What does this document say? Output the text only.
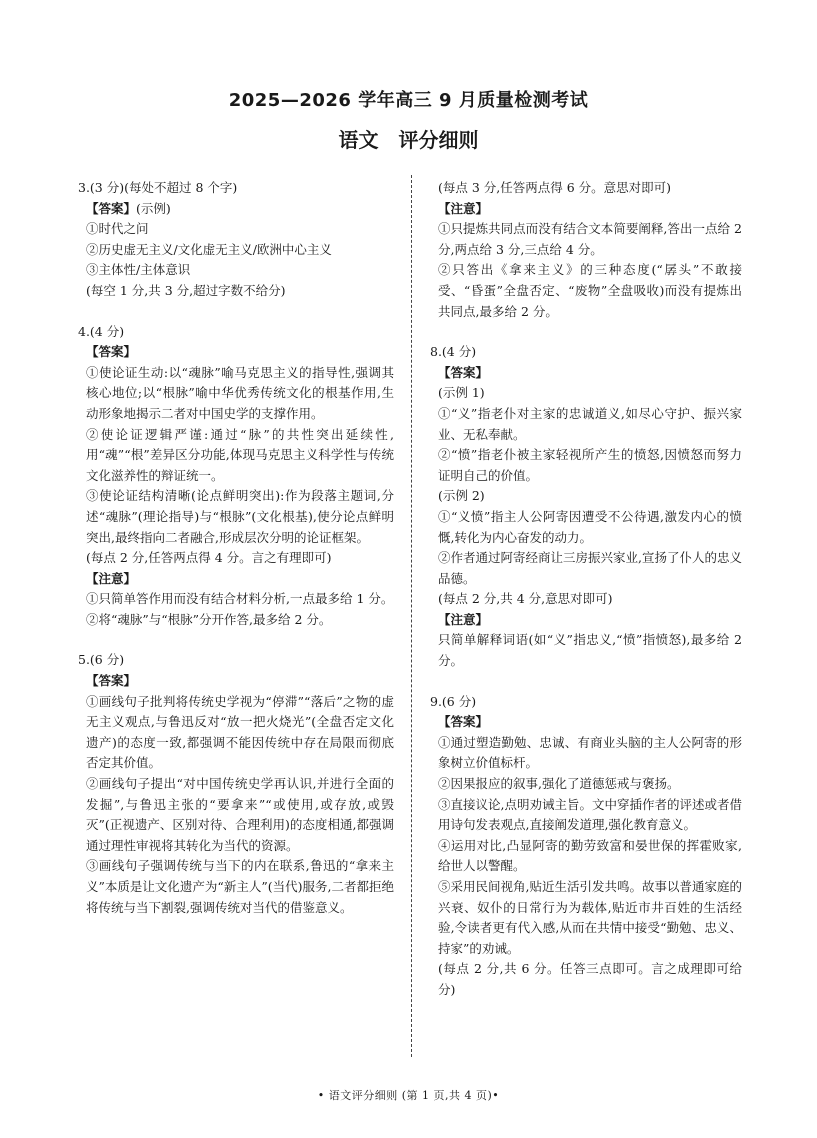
2025—2026 学年高三 9 月质量检测考试
语文　评分细则

3.(3 分)(每处不超过 8 个字)

【答案】(示例)

①时代之问

②历史虚无主义/文化虚无主义/欧洲中心主义

③主体性/主体意识

(每空 1 分,共 3 分,超过字数不给分)

4.(4 分)

【答案】

①使论证生动:以“魂脉”喻马克思主义的指导性,强调其核心地位;以“根脉”喻中华优秀传统文化的根基作用,生动形象地揭示二者对中国史学的支撑作用。

②使论证逻辑严谨:通过“脉”的共性突出延续性,用“魂”“根”差异区分功能,体现马克思主义科学性与传统文化滋养性的辩证统一。

③使论证结构清晰(论点鲜明突出):作为段落主题词,分述“魂脉”(理论指导)与“根脉”(文化根基),使分论点鲜明突出,最终指向二者融合,形成层次分明的论证框架。

(每点 2 分,任答两点得 4 分。言之有理即可)

【注意】

①只简单答作用而没有结合材料分析,一点最多给 1 分。

②将“魂脉”与“根脉”分开作答,最多给 2 分。

5.(6 分)

【答案】

①画线句子批判将传统史学视为“停滞”“落后”之物的虚无主义观点,与鲁迅反对“放一把火烧光”(全盘否定文化遗产)的态度一致,都强调不能因传统中存在局限而彻底否定其价值。

②画线句子提出“对中国传统史学再认识,并进行全面的发掘”,与鲁迅主张的“要拿来”“或使用,或存放,或毁灭”(正视遗产、区别对待、合理利用)的态度相通,都强调通过理性审视将其转化为当代的资源。

③画线句子强调传统与当下的内在联系,鲁迅的“拿来主义”本质是让文化遗产为“新主人”(当代)服务,二者都拒绝将传统与当下割裂,强调传统对当代的借鉴意义。

(每点 3 分,任答两点得 6 分。意思对即可)

【注意】

①只提炼共同点而没有结合文本简要阐释,答出一点给 2 分,两点给 3 分,三点给 4 分。

②只答出《拿来主义》的三种态度(“孱头”不敢接受、“昏蛋”全盘否定、“废物”全盘吸收)而没有提炼出共同点,最多给 2 分。

8.(4 分)

【答案】

(示例 1)

①“义”指老仆对主家的忠诚道义,如尽心守护、振兴家业、无私奉献。

②“愤”指老仆被主家轻视所产生的愤怒,因愤怒而努力证明自己的价值。

(示例 2)

①“义愤”指主人公阿寄因遭受不公待遇,激发内心的愤慨,转化为内心奋发的动力。

②作者通过阿寄经商让三房振兴家业,宣扬了仆人的忠义品德。

(每点 2 分,共 4 分,意思对即可)

【注意】

只简单解释词语(如“义”指忠义,“愤”指愤怒),最多给 2 分。

9.(6 分)

【答案】

①通过塑造勤勉、忠诚、有商业头脑的主人公阿寄的形象树立价值标杆。

②因果报应的叙事,强化了道德惩戒与褒扬。

③直接议论,点明劝诫主旨。文中穿插作者的评述或者借用诗句发表观点,直接阐发道理,强化教育意义。

④运用对比,凸显阿寄的勤劳致富和晏世保的挥霍败家,给世人以警醒。

⑤采用民间视角,贴近生活引发共鸣。故事以普通家庭的兴衰、奴仆的日常行为为载体,贴近市井百姓的生活经验,令读者更有代入感,从而在共情中接受“勤勉、忠义、持家”的劝诫。

(每点 2 分,共 6 分。任答三点即可。言之成理即可给分)

• 语文评分细则 (第 1 页,共 4 页)•
